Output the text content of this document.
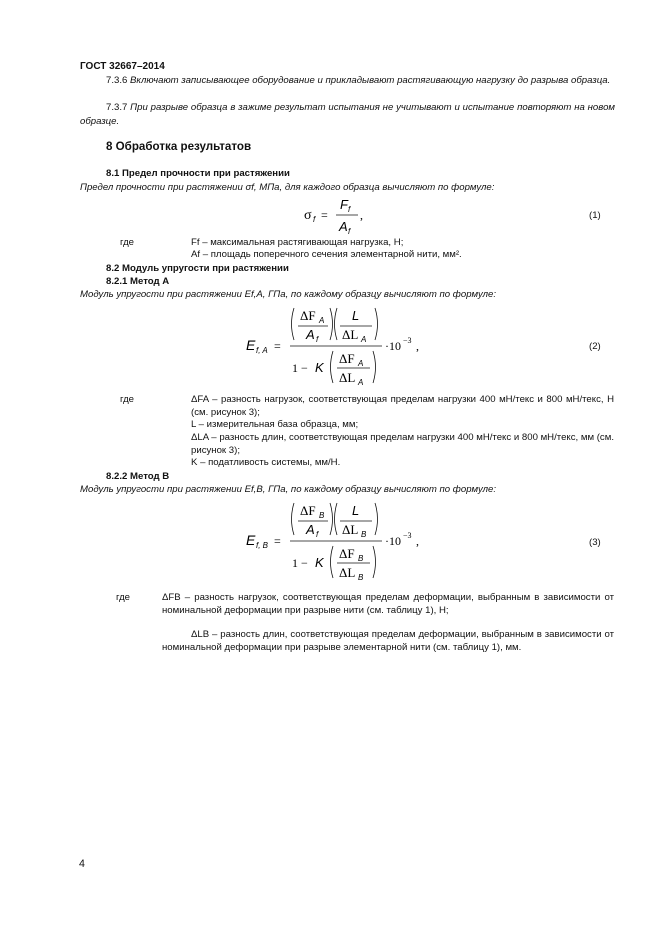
ГОСТ 32667–2014
7.3.6 Включают записывающее оборудование и прикладывают растягивающую нагрузку до разрыва образца.
7.3.7 При разрыве образца в зажиме результат испытания не учитывают и испытание повторяют на новом образце.
8 Обработка результатов
8.1 Предел прочности при растяжении
Предел прочности при растяжении σf, МПа, для каждого образца вычисляют по формуле:
σ f =
F f
A f
,	(1)
где	Ff – максимальная растягивающая нагрузка, Н;
Af – площадь поперечного сечения элементарной нити, мм².
8.2 Модуль упругости при растяжении
8.2.1 Метод А
Модуль упругости при растяжении Ef,A, ГПа, по каждому образцу вычисляют по формуле:
E f, A =
ΔF A
A f
L
ΔL A
1 − K
ΔF A
ΔL A
·10 −3 ,	(2)
где	ΔFA – разность нагрузок, соответствующая пределам нагрузки 400 мН/текс и 800 мН/текс, Н (см. рисунок 3);
L – измерительная база образца, мм;
ΔLA – разность длин, соответствующая пределам нагрузки 400 мН/текс и 800 мН/текс, мм (см. рисунок 3);
K – податливость системы, мм/Н.
8.2.2 Метод В
Модуль упругости при растяжении Ef,B, ГПа, по каждому образцу вычисляют по формуле:
E f, B =
ΔF B
A f
L
ΔL B
1 − K
ΔF B
ΔL B
·10 −3 ,	(3)
где	ΔFB – разность нагрузок, соответствующая пределам деформации, выбранным в зависимости от номинальной деформации при разрыве нити (см. таблицу 1), Н;
ΔLB – разность длин, соответствующая пределам деформации, выбранным в зависимости от номинальной деформации при разрыве элементарной нити (см. таблицу 1), мм.
4
